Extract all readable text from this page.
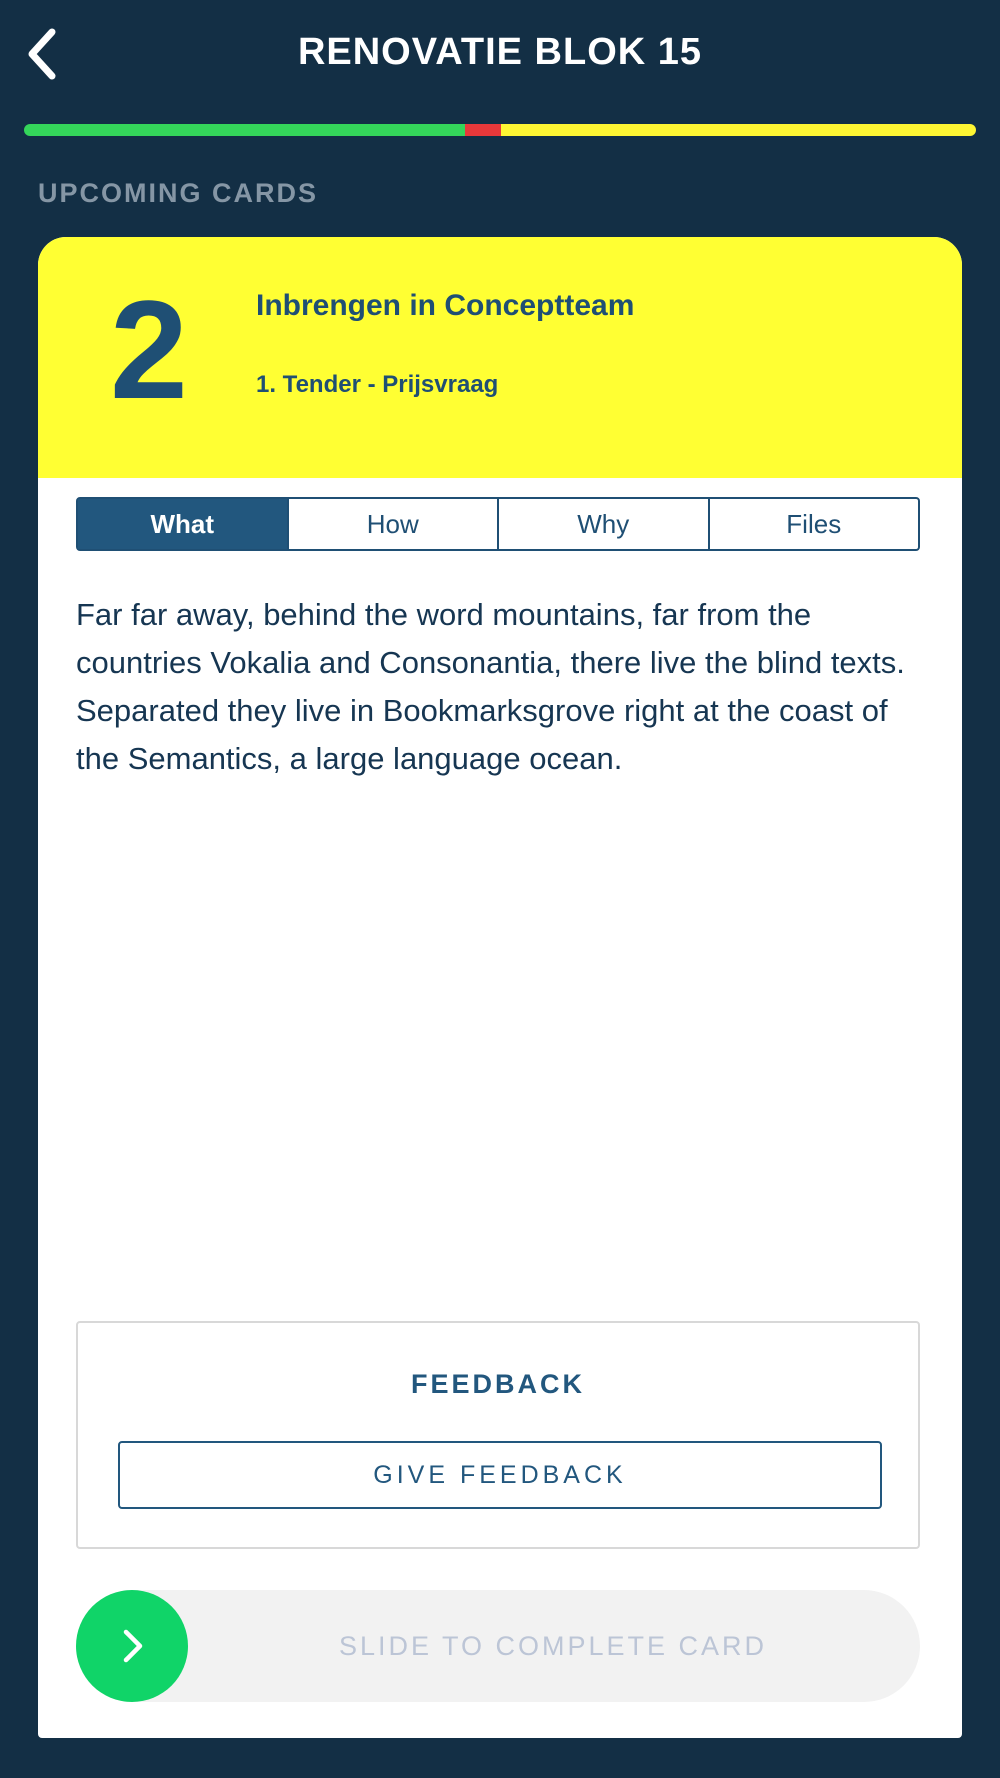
RENOVATIE BLOK 15
UPCOMING CARDS
2	Inbrengen in Conceptteam
1. Tender - Prijsvraag
What	How	Why	Files
Far far away, behind the word mountains, far from the countries Vokalia and Consonantia, there live the blind texts. Separated they live in Bookmarksgrove right at the coast of the Semantics, a large language ocean.
FEEDBACK
GIVE FEEDBACK
SLIDE TO COMPLETE CARD
